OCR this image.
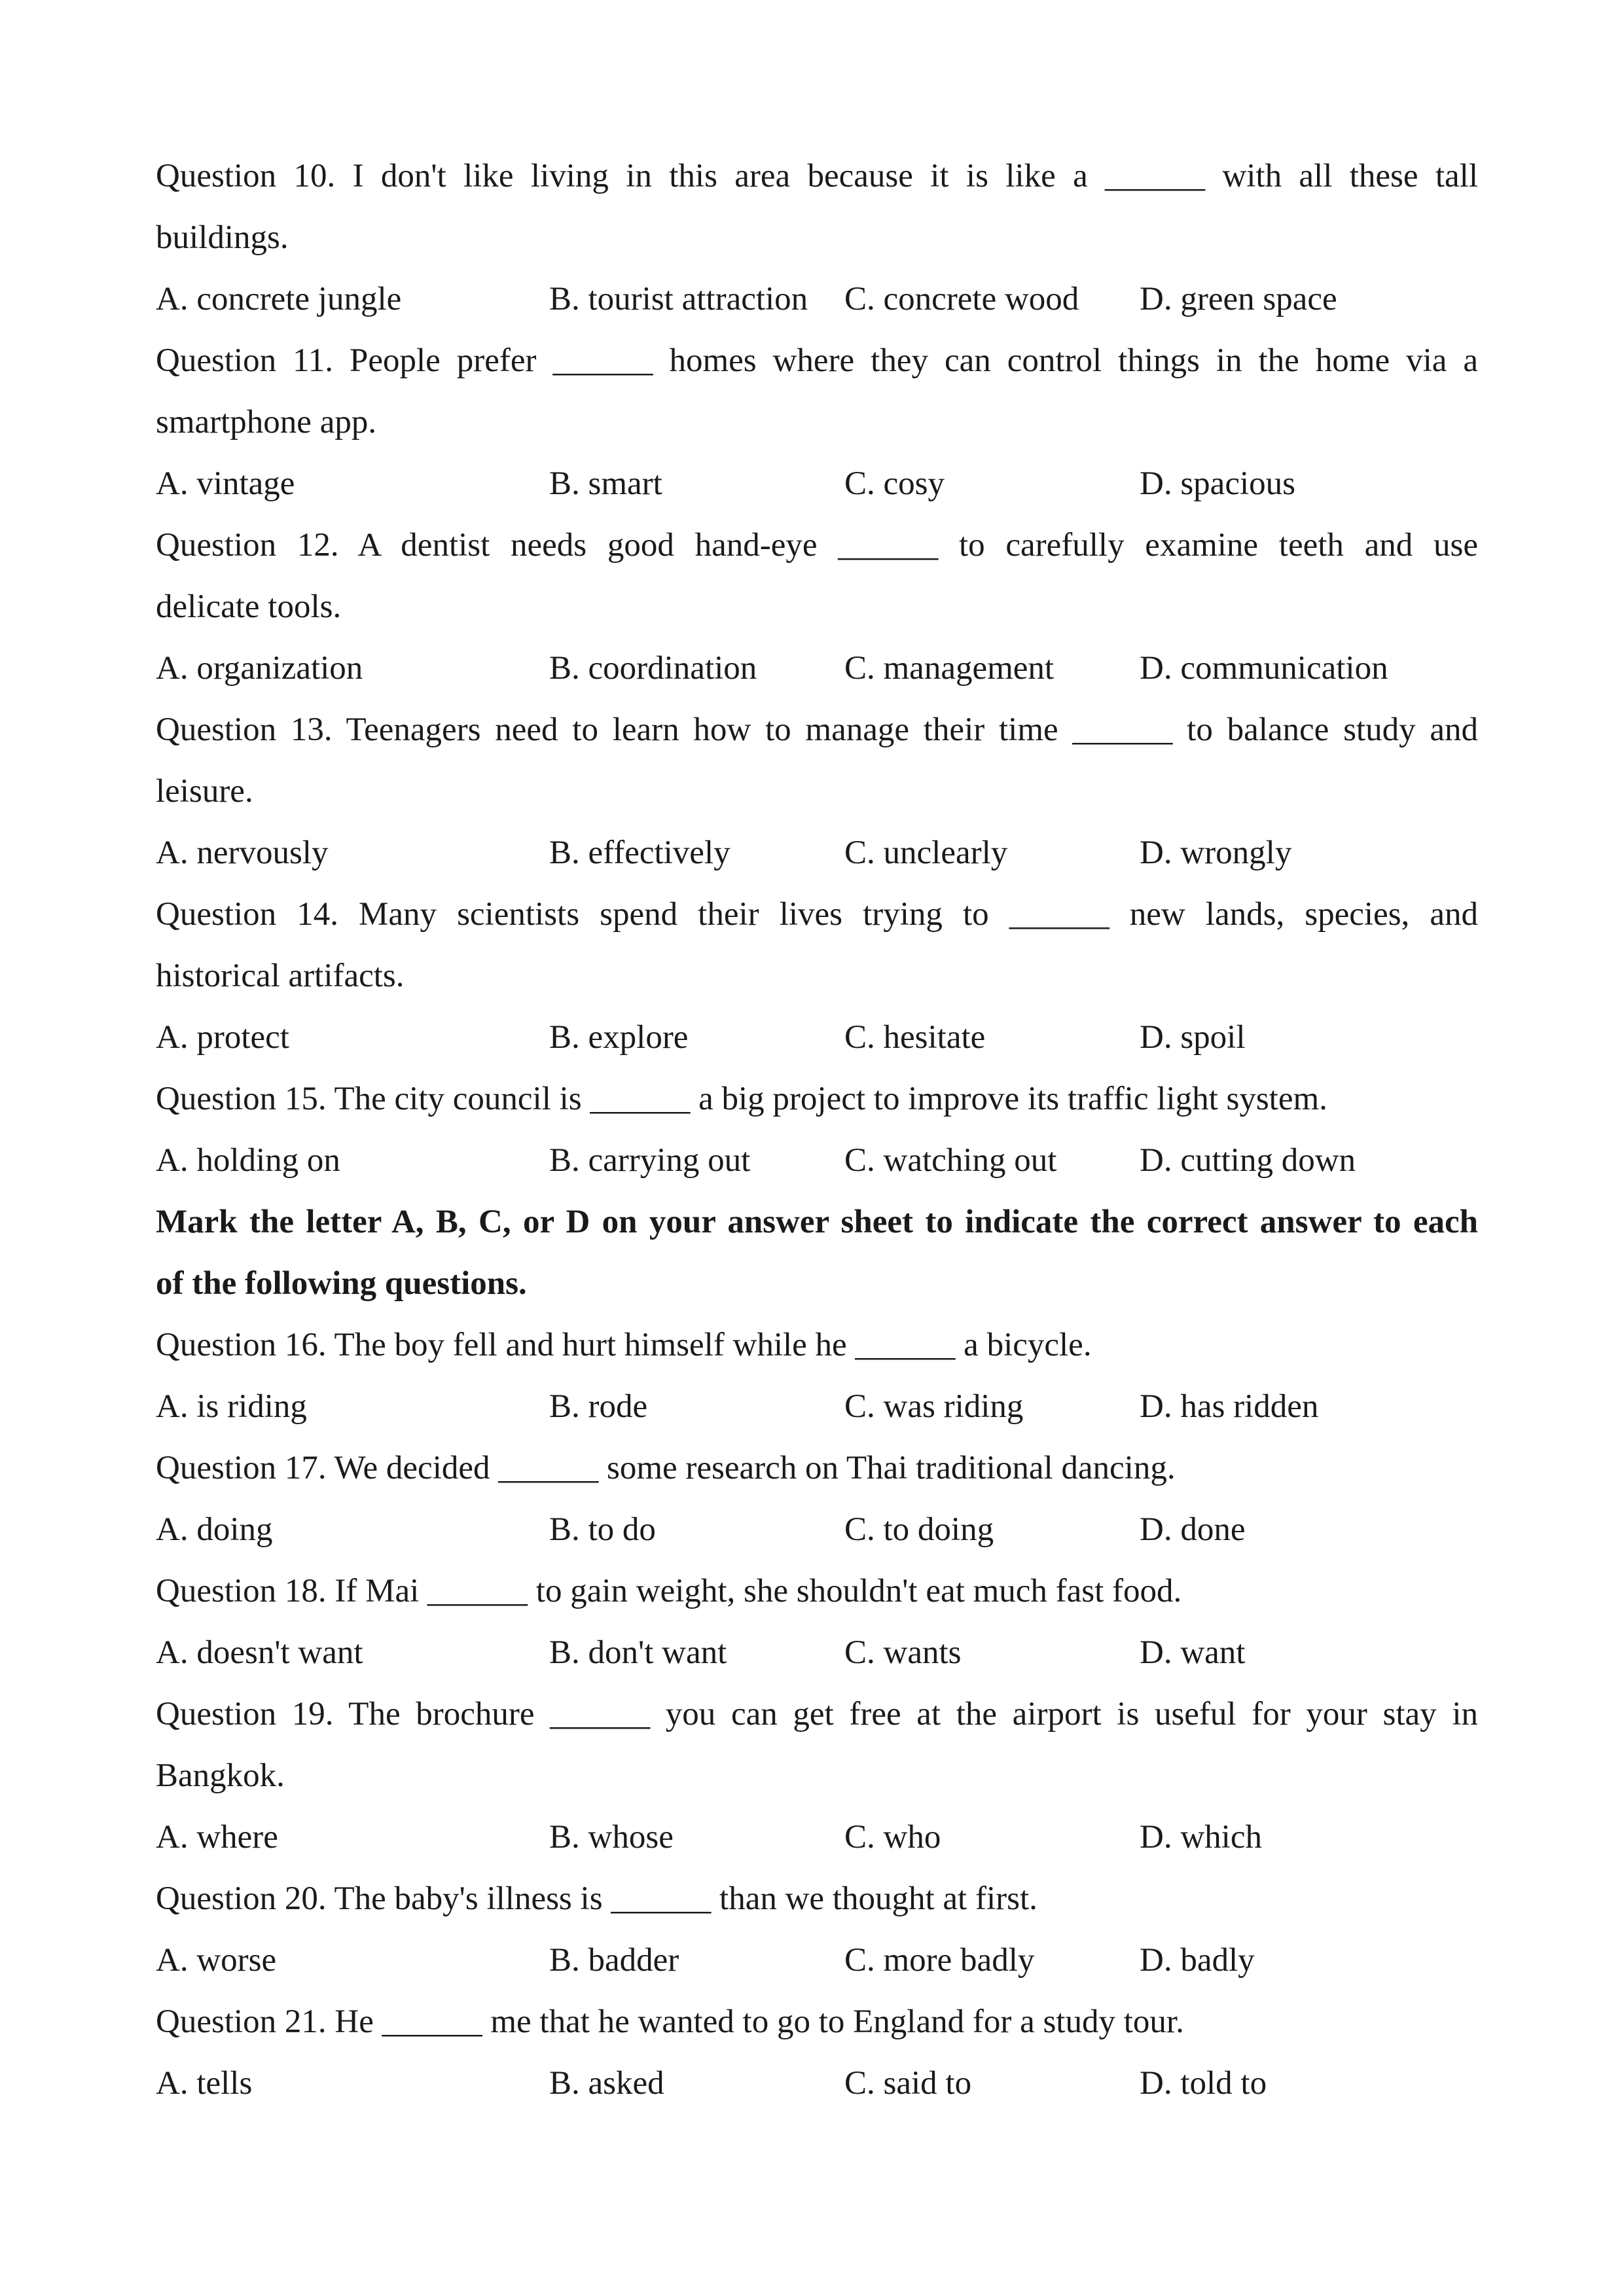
Question 10. I don't like living in this area because it is like a ______ with all these tall
buildings.
A. concrete jungle	B. tourist attraction C. concrete wood D. green space
Question 11. People prefer ______ homes where they can control things in the home via a
smartphone app.
A. vintage	B. smart	C. cosy	D. spacious
Question 12. A dentist needs good hand-eye ______ to carefully examine teeth and use
delicate tools.
A. organization	B. coordination	C. management	D. communication
Question 13. Teenagers need to learn how to manage their time ______ to balance study and
leisure.
A. nervously	B. effectively	C. unclearly	D. wrongly
Question 14. Many scientists spend their lives trying to ______ new lands, species, and
historical artifacts.
A. protect	B. explore	C. hesitate	D. spoil
Question 15. The city council is ______ a big project to improve its traffic light system.
A. holding on	B. carrying out	C. watching out D. cutting down
Mark the letter A, B, C, or D on your answer sheet to indicate the correct answer to each
of the following questions.
Question 16. The boy fell and hurt himself while he ______ a bicycle.
A. is riding	B. rode	C. was riding	D. has ridden
Question 17. We decided ______ some research on Thai traditional dancing.
A. doing	B. to do	C. to doing	D. done
Question 18. If Mai ______ to gain weight, she shouldn't eat much fast food.
A. doesn't want	B. don't want	C. wants	D. want
Question 19. The brochure ______ you can get free at the airport is useful for your stay in
Bangkok.
A. where	B. whose	C. who	D. which
Question 20. The baby's illness is ______ than we thought at first.
A. worse	B. badder	C. more badly	D. badly
Question 21. He ______ me that he wanted to go to England for a study tour.
A. tells	B. asked	C. said to	D. told to
